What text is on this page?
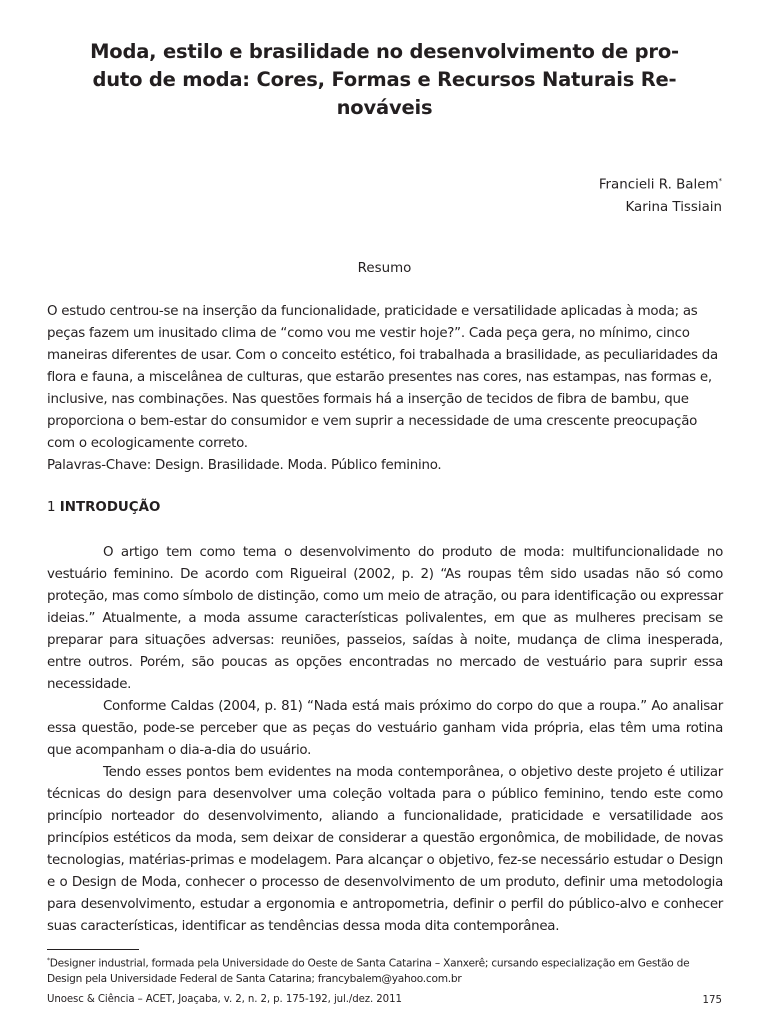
Moda, estilo e brasilidade no desenvolvimento de pro-
duto de moda: Cores, Formas e Recursos Naturais Re-
nováveis
Francieli R. Balem*
Karina Tissiain
Resumo

O estudo centrou-se na inserção da funcionalidade, praticidade e versatilidade aplicadas à moda; as peças fazem um inusitado clima de “como vou me vestir hoje?”. Cada peça gera, no mínimo, cinco maneiras diferentes de usar. Com o conceito estético, foi trabalhada a brasilidade, as peculiaridades da flora e fauna, a miscelânea de culturas, que estarão presentes nas cores, nas estampas, nas formas e, inclusive, nas combinações. Nas questões formais há a inserção de tecidos de fibra de bambu, que proporciona o bem-estar do consumidor e vem suprir a necessidade de uma crescente preocupação com o ecologicamente correto.

Palavras-Chave: Design. Brasilidade. Moda. Público feminino.

1 INTRODUÇÃO

O artigo tem como tema o desenvolvimento do produto de moda: multifuncionalidade no vestuário feminino. De acordo com Rigueiral (2002, p. 2) “As roupas têm sido usadas não só como proteção, mas como símbolo de distinção, como um meio de atração, ou para identificação ou expressar ideias.” Atualmente, a moda assume características polivalentes, em que as mulheres precisam se preparar para situações adversas: reuniões, passeios, saídas à noite, mudança de clima inesperada, entre outros. Porém, são poucas as opções encontradas no mercado de vestuário para suprir essa necessidade.

Conforme Caldas (2004, p. 81) “Nada está mais próximo do corpo do que a roupa.” Ao analisar essa questão, pode-se perceber que as peças do vestuário ganham vida própria, elas têm uma rotina que acompanham o dia-a-dia do usuário.

Tendo esses pontos bem evidentes na moda contemporânea, o objetivo deste projeto é utilizar técnicas do design para desenvolver uma coleção voltada para o público feminino, tendo este como princípio norteador do desenvolvimento, aliando a funcionalidade, praticidade e versatilidade aos princípios estéticos da moda, sem deixar de considerar a questão ergonômica, de mobilidade, de novas tecnologias, matérias-primas e modelagem. Para alcançar o objetivo, fez-se necessário estudar o Design e o Design de Moda, conhecer o processo de desenvolvimento de um produto, definir uma metodologia para desenvolvimento, estudar a ergonomia e antropometria, definir o perfil do público-alvo e conhecer suas características, identificar as tendências dessa moda dita contemporânea.

*Designer industrial, formada pela Universidade do Oeste de Santa Catarina – Xanxerê; cursando especialização em Gestão de Design pela Universidade Federal de Santa Catarina; francybalem@yahoo.com.br
Unoesc & Ciência – ACET, Joaçaba, v. 2, n. 2, p. 175-192, jul./dez. 2011	175
